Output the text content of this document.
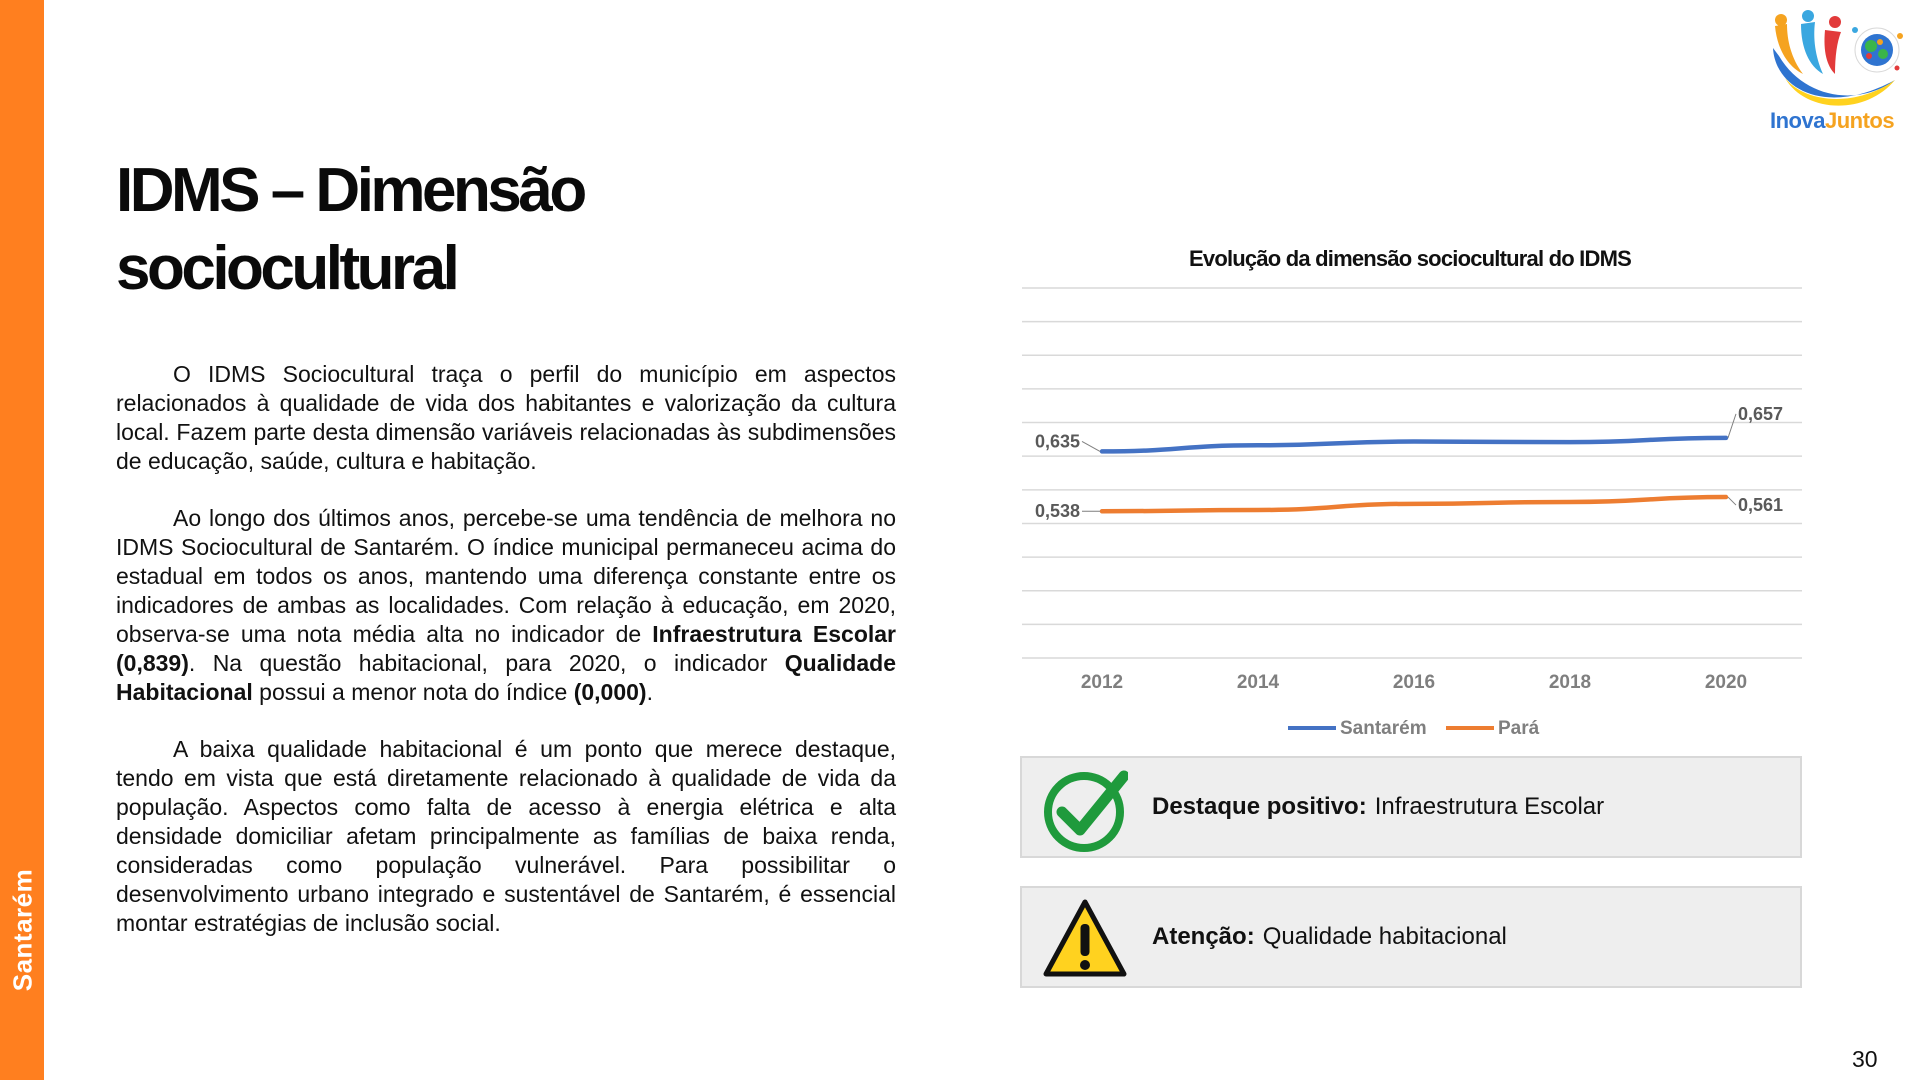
Santarém
InovaJuntos
IDMS – Dimensão
sociocultural

O IDMS Sociocultural traça o perfil do município em aspectos relacionados à qualidade de vida dos habitantes e valorização da cultura local. Fazem parte desta dimensão variáveis relacionadas às subdimensões de educação, saúde, cultura e habitação.

Ao longo dos últimos anos, percebe-se uma tendência de melhora no IDMS Sociocultural de Santarém. O índice municipal permaneceu acima do estadual em todos os anos, mantendo uma diferença constante entre os indicadores de ambas as localidades. Com relação à educação, em 2020, observa-se uma nota média alta no indicador de Infraestrutura Escolar (0,839). Na questão habitacional, para 2020, o indicador Qualidade Habitacional possui a menor nota do índice (0,000).

A baixa qualidade habitacional é um ponto que merece destaque, tendo em vista que está diretamente relacionado à qualidade de vida da população. Aspectos como falta de acesso à energia elétrica e alta densidade domiciliar afetam principalmente as famílias de baixa renda, consideradas como população vulnerável. Para possibilitar o desenvolvimento urbano integrado e sustentável de Santarém, é essencial montar estratégias de inclusão social.

Evolução da dimensão sociocultural do IDMS
2012	2014	2016	2018	2020
0,635
0,657
0,538	0,561
Santarém	Pará
Destaque positivo: Infraestrutura Escolar
Atenção: Qualidade habitacional
30
